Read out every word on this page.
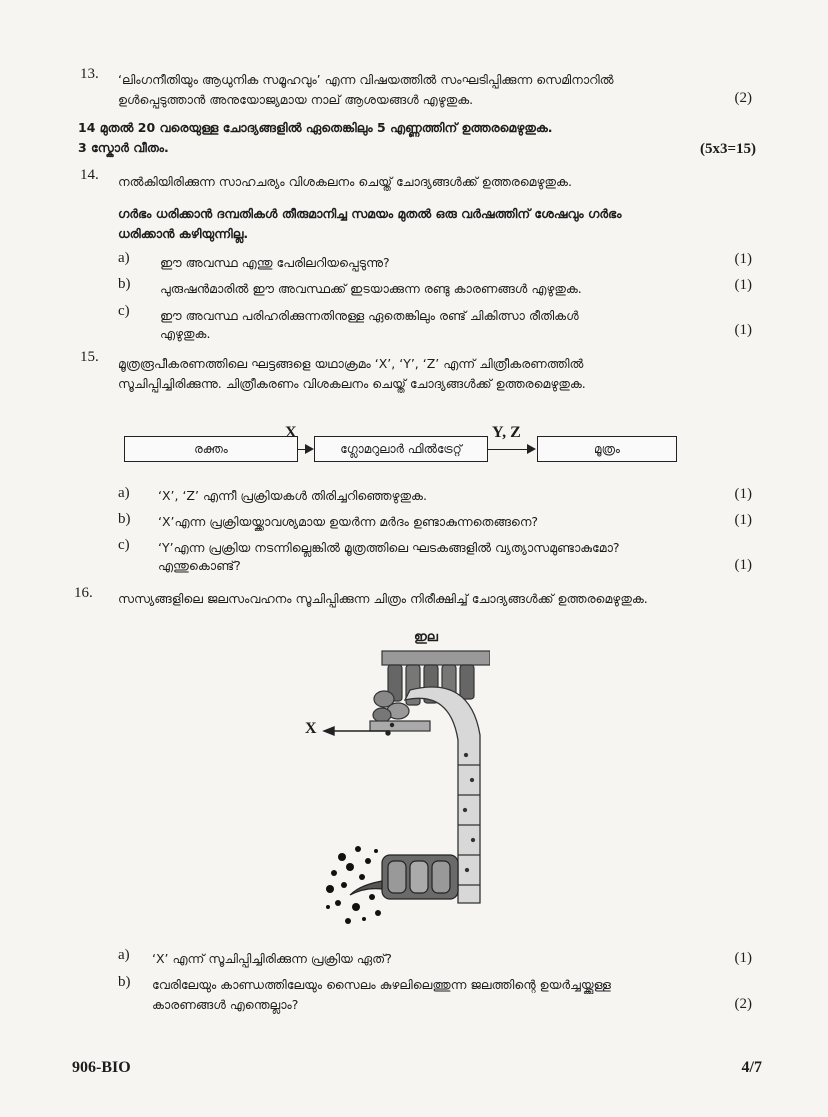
13. ‘ലിംഗനീതിയും ആധുനിക സമൂഹവും’ എന്ന വിഷയത്തിൽ സംഘടിപ്പിക്കുന്ന സെമിനാറിൽ
ഉൾപ്പെടുത്താൻ അനുയോജ്യമായ നാല് ആശയങ്ങൾ എഴുതുക.	(2)
14 മുതൽ 20 വരെയുള്ള ചോദ്യങ്ങളിൽ ഏതെങ്കിലും 5 എണ്ണത്തിന് ഉത്തരമെഴുതുക.
3 സ്കോർ വീതം.	(5x3=15)
14. നൽകിയിരിക്കുന്ന സാഹചര്യം വിശകലനം ചെയ്ത് ചോദ്യങ്ങൾക്ക് ഉത്തരമെഴുതുക.
ഗർഭം ധരിക്കാൻ ദമ്പതികൾ തീരുമാനിച്ച സമയം മുതൽ ഒരു വർഷത്തിന് ശേഷവും ഗർഭം
ധരിക്കാൻ കഴിയുന്നില്ല.
a) ഈ അവസ്ഥ എന്തു പേരിലറിയപ്പെടുന്നു?	(1)
b) പുരുഷൻമാരിൽ ഈ അവസ്ഥക്ക് ഇടയാക്കുന്ന രണ്ടു കാരണങ്ങൾ എഴുതുക.	(1)
c) ഈ അവസ്ഥ പരിഹരിക്കുന്നതിനുള്ള ഏതെങ്കിലും രണ്ട് ചികിത്സാ രീതികൾ
എഴുതുക.	(1)
15. മൂത്രരൂപീകരണത്തിലെ ഘട്ടങ്ങളെ യഥാക്രമം ‘X’, ‘Y’, ‘Z’ എന്ന് ചിത്രീകരണത്തിൽ
സൂചിപ്പിച്ചിരിക്കുന്നു. ചിത്രീകരണം വിശകലനം ചെയ്ത് ചോദ്യങ്ങൾക്ക് ഉത്തരമെഴുതുക.
രക്തം
X
ഗ്ലോമറുലാർ ഫിൽട്രേറ്റ്
Y, Z
മൂത്രം
a) ‘X’, ‘Z’ എന്നീ പ്രക്രിയകൾ തിരിച്ചറിഞ്ഞെഴുതുക.	(1)
b) ‘X’എന്ന പ്രക്രിയയ്ക്കാവശ്യമായ ഉയർന്ന മർദം ഉണ്ടാകുന്നതെങ്ങനെ?	(1)
c) ‘Y’എന്ന പ്രക്രിയ നടന്നില്ലെങ്കിൽ മൂത്രത്തിലെ ഘടകങ്ങളിൽ വ്യത്യാസമുണ്ടാകുമോ?
എന്തുകൊണ്ട്?	(1)
16. സസ്യങ്ങളിലെ ജലസംവഹനം സൂചിപ്പിക്കുന്ന ചിത്രം നിരീക്ഷിച്ച് ചോദ്യങ്ങൾക്ക് ഉത്തരമെഴുതുക.
ഇല
X
a) ‘X’ എന്ന് സൂചിപ്പിച്ചിരിക്കുന്ന പ്രക്രിയ ഏത്?	(1)
b) വേരിലേയും കാണ്ഡത്തിലേയും സൈലം കുഴലിലെത്തുന്ന ജലത്തിന്റെ ഉയർച്ചയ്ക്കുള്ള
കാരണങ്ങൾ എന്തെല്ലാം?	(2)
906-BIO	4/7
